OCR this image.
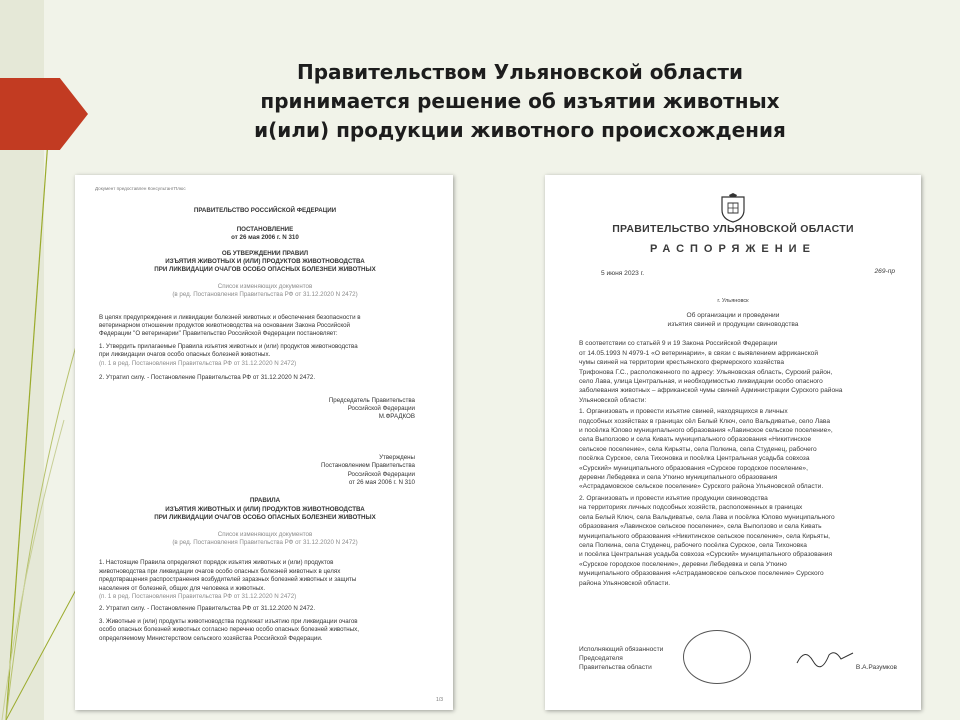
Правительством Ульяновской области
принимается решение об изъятии животных
и(или) продукции животного происхождения
Документ предоставлен КонсультантПлюс
ПРАВИТЕЛЬСТВО РОССИЙСКОЙ ФЕДЕРАЦИИ
ПОСТАНОВЛЕНИЕ
от 26 мая 2006 г. N 310
ОБ УТВЕРЖДЕНИИ ПРАВИЛ
ИЗЪЯТИЯ ЖИВОТНЫХ И (ИЛИ) ПРОДУКТОВ ЖИВОТНОВОДСТВА
ПРИ ЛИКВИДАЦИИ ОЧАГОВ ОСОБО ОПАСНЫХ БОЛЕЗНЕЙ ЖИВОТНЫХ
Список изменяющих документов
(в ред. Постановления Правительства РФ от 31.12.2020 N 2472)
В целях предупреждения и ликвидации болезней животных и обеспечения безопасности в
ветеринарном отношении продуктов животноводства на основании Закона Российской
Федерации "О ветеринарии" Правительство Российской Федерации постановляет:
1. Утвердить прилагаемые Правила изъятия животных и (или) продуктов животноводства
при ликвидации очагов особо опасных болезней животных.
(п. 1 в ред. Постановления Правительства РФ от 31.12.2020 N 2472)
2. Утратил силу. - Постановление Правительства РФ от 31.12.2020 N 2472.
Председатель Правительства
Российской Федерации
М.ФРАДКОВ
Утверждены
Постановлением Правительства
Российской Федерации
от 26 мая 2006 г. N 310
ПРАВИЛА
ИЗЪЯТИЯ ЖИВОТНЫХ И (ИЛИ) ПРОДУКТОВ ЖИВОТНОВОДСТВА
ПРИ ЛИКВИДАЦИИ ОЧАГОВ ОСОБО ОПАСНЫХ БОЛЕЗНЕЙ ЖИВОТНЫХ
Список изменяющих документов
(в ред. Постановления Правительства РФ от 31.12.2020 N 2472)
1. Настоящие Правила определяют порядок изъятия животных и (или) продуктов
животноводства при ликвидации очагов особо опасных болезней животных в целях
предотвращения распространения возбудителей заразных болезней животных и защиты
населения от болезней, общих для человека и животных.
(п. 1 в ред. Постановления Правительства РФ от 31.12.2020 N 2472)
2. Утратил силу. - Постановление Правительства РФ от 31.12.2020 N 2472.
3. Животные и (или) продукты животноводства подлежат изъятию при ликвидации очагов
особо опасных болезней животных согласно перечню особо опасных болезней животных,
определяемому Министерством сельского хозяйства Российской Федерации.
1/3
ПРАВИТЕЛЬСТВО УЛЬЯНОВСКОЙ ОБЛАСТИ
РАСПОРЯЖЕНИЕ
5 июня 2023 г.	269-пр
г. Ульяновск
Об организации и проведении
изъятия свиней и продукции свиноводства
В соответствии со статьёй 9 и 19 Закона Российской Федерации
от 14.05.1993 N 4979-1 «О ветеринарии», в связи с выявлением африканской
чумы свиней на территории крестьянского фермерского хозяйства
Трифонова Г.С., расположенного по адресу: Ульяновская область, Сурский район,
село Лава, улица Центральная, и необходимостью ликвидации особо опасного
заболевания животных – африканской чумы свиней Администрации Сурского района
Ульяновской области:
1. Организовать и провести изъятие свиней, находящихся в личных
подсобных хозяйствах в границах сёл Белый Ключ, село Вальдиватье, село Лава
и посёлка Юлово муниципального образования «Лавинское сельское поселение»,
села Выползово и села Кивать муниципального образования «Никитинское
сельское поселение», села Кирьяты, села Полкина, села Студенец, рабочего
посёлка Сурское, села Тихоновка и посёлка Центральная усадьба совхоза
«Сурский» муниципального образования «Сурское городское поселение»,
деревни Лебедевка и села Уткино муниципального образования
«Астрадамовское сельское поселение» Сурского района Ульяновской области.
2. Организовать и провести изъятие продукции свиноводства
на территориях личных подсобных хозяйств, расположенных в границах
села Белый Ключ, села Вальдиватье, села Лава и посёлка Юлово муниципального
образования «Лавинское сельское поселение», села Выползово и села Кивать
муниципального образования «Никитинское сельское поселение», села Кирьяты,
села Полкина, села Студенец, рабочего посёлка Сурское, села Тихоновка
и посёлка Центральная усадьба совхоза «Сурский» муниципального образования
«Сурское городское поселение», деревни Лебедевка и села Уткино
муниципального образования «Астрадамовское сельское поселение» Сурского
района Ульяновской области.
Исполняющий обязанности
Председателя
Правительства области	В.А.Разумков
